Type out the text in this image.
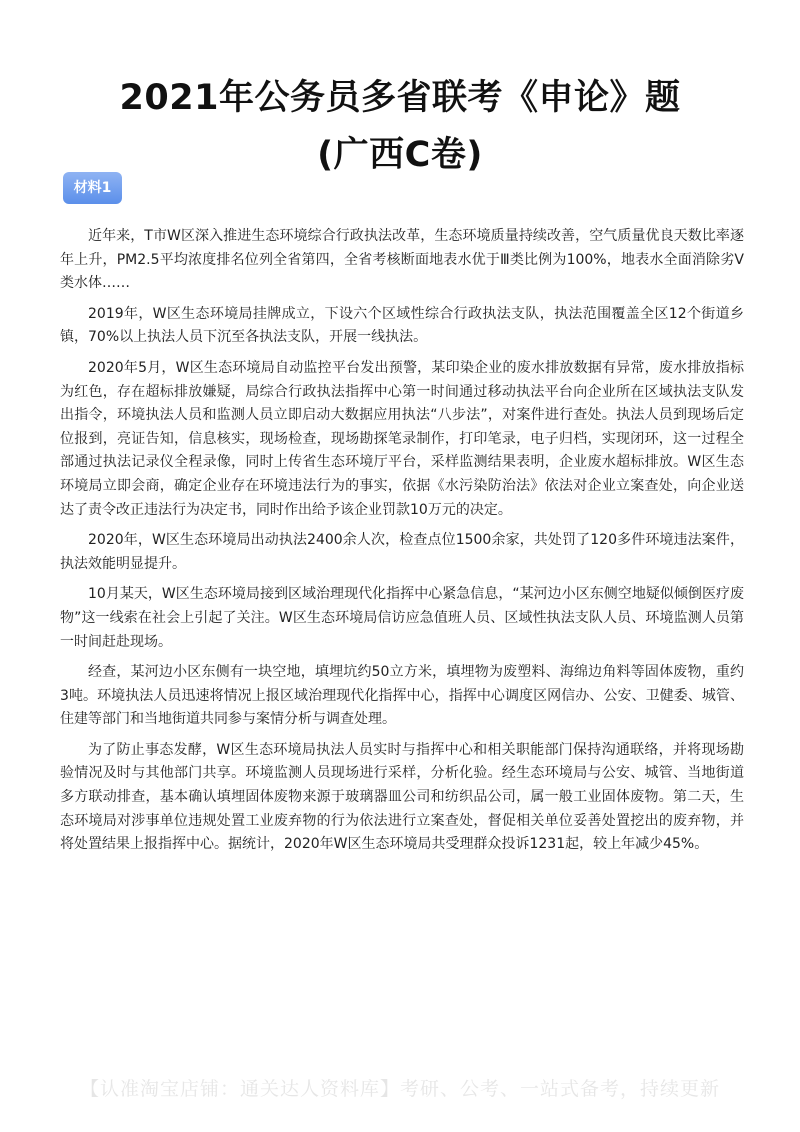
2021年公务员多省联考《申论》题
(广西C卷)
材料1

近年来，T市W区深入推进生态环境综合行政执法改革，生态环境质量持续改善，空气质量优良天数比率逐年上升，PM2.5平均浓度排名位列全省第四，全省考核断面地表水优于Ⅲ类比例为100%，地表水全面消除劣Ⅴ类水体……

2019年，W区生态环境局挂牌成立，下设六个区域性综合行政执法支队，执法范围覆盖全区12个街道乡镇，70%以上执法人员下沉至各执法支队，开展一线执法。

2020年5月，W区生态环境局自动监控平台发出预警，某印染企业的废水排放数据有异常，废水排放指标为红色，存在超标排放嫌疑，局综合行政执法指挥中心第一时间通过移动执法平台向企业所在区域执法支队发出指令，环境执法人员和监测人员立即启动大数据应用执法“八步法”，对案件进行查处。执法人员到现场后定位报到，亮证告知，信息核实，现场检查，现场勘探笔录制作，打印笔录，电子归档，实现闭环，这一过程全部通过执法记录仪全程录像，同时上传省生态环境厅平台，采样监测结果表明，企业废水超标排放。W区生态环境局立即会商，确定企业存在环境违法行为的事实，依据《水污染防治法》依法对企业立案查处，向企业送达了责令改正违法行为决定书，同时作出给予该企业罚款10万元的决定。

2020年，W区生态环境局出动执法2400余人次，检查点位1500余家，共处罚了120多件环境违法案件，执法效能明显提升。

10月某天，W区生态环境局接到区域治理现代化指挥中心紧急信息，“某河边小区东侧空地疑似倾倒医疗废物”这一线索在社会上引起了关注。W区生态环境局信访应急值班人员、区域性执法支队人员、环境监测人员第一时间赶赴现场。

经查，某河边小区东侧有一块空地，填埋坑约50立方米，填埋物为废塑料、海绵边角料等固体废物，重约3吨。环境执法人员迅速将情况上报区域治理现代化指挥中心，指挥中心调度区网信办、公安、卫健委、城管、住建等部门和当地街道共同参与案情分析与调查处理。

为了防止事态发酵，W区生态环境局执法人员实时与指挥中心和相关职能部门保持沟通联络，并将现场勘验情况及时与其他部门共享。环境监测人员现场进行采样，分析化验。经生态环境局与公安、城管、当地街道多方联动排查，基本确认填埋固体废物来源于玻璃器皿公司和纺织品公司，属一般工业固体废物。第二天，生态环境局对涉事单位违规处置工业废弃物的行为依法进行立案查处，督促相关单位妥善处置挖出的废弃物，并将处置结果上报指挥中心。据统计，2020年W区生态环境局共受理群众投诉1231起，较上年减少45%。

【认准淘宝店铺：通关达人资料库】考研、公考、一站式备考，持续更新
